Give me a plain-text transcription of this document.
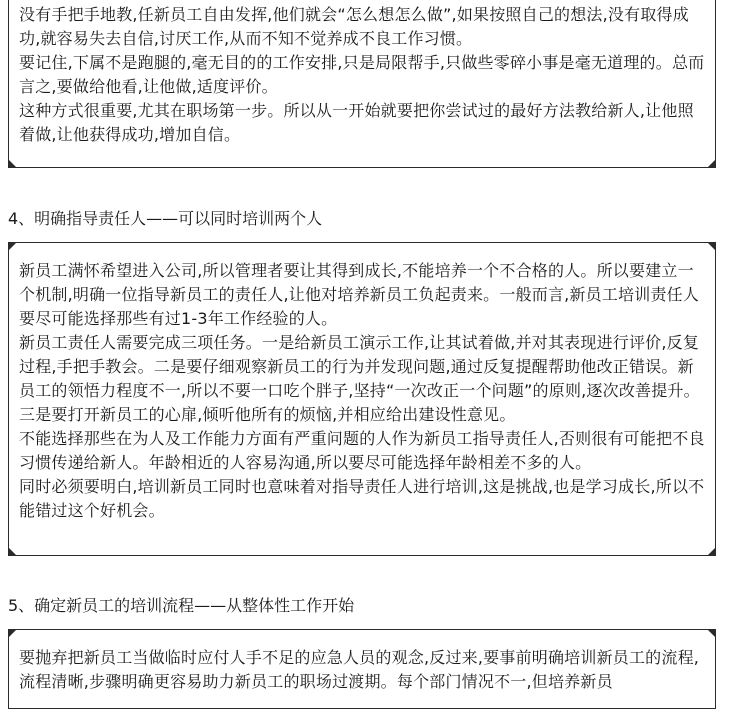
没有手把手地教,任新员工自由发挥,他们就会“怎么想怎么做”,如果按照自己的想法,没有取得成功,就容易失去自信,讨厌工作,从而不知不觉养成不良工作习惯。

要记住,下属不是跑腿的,毫无目的的工作安排,只是局限帮手,只做些零碎小事是毫无道理的。总而言之,要做给他看,让他做,适度评价。

这种方式很重要,尤其在职场第一步。所以从一开始就要把你尝试过的最好方法教给新人,让他照着做,让他获得成功,增加自信。

4、明确指导责任人——可以同时培训两个人

新员工满怀希望进入公司,所以管理者要让其得到成长,不能培养一个不合格的人。所以要建立一个机制,明确一位指导新员工的责任人,让他对培养新员工负起责来。一般而言,新员工培训责任人要尽可能选择那些有过1-3年工作经验的人。

新员工责任人需要完成三项任务。一是给新员工演示工作,让其试着做,并对其表现进行评价,反复过程,手把手教会。二是要仔细观察新员工的行为并发现问题,通过反复提醒帮助他改正错误。新员工的领悟力程度不一,所以不要一口吃个胖子,坚持“一次改正一个问题”的原则,逐次改善提升。三是要打开新员工的心扉,倾听他所有的烦恼,并相应给出建设性意见。

不能选择那些在为人及工作能力方面有严重问题的人作为新员工指导责任人,否则很有可能把不良习惯传递给新人。年龄相近的人容易沟通,所以要尽可能选择年龄相差不多的人。

同时必须要明白,培训新员工同时也意味着对指导责任人进行培训,这是挑战,也是学习成长,所以不能错过这个好机会。

5、确定新员工的培训流程——从整体性工作开始

要抛弃把新员工当做临时应付人手不足的应急人员的观念,反过来,要事前明确培训新员工的流程,流程清晰,步骤明确更容易助力新员工的职场过渡期。每个部门情况不一,但培养新员
